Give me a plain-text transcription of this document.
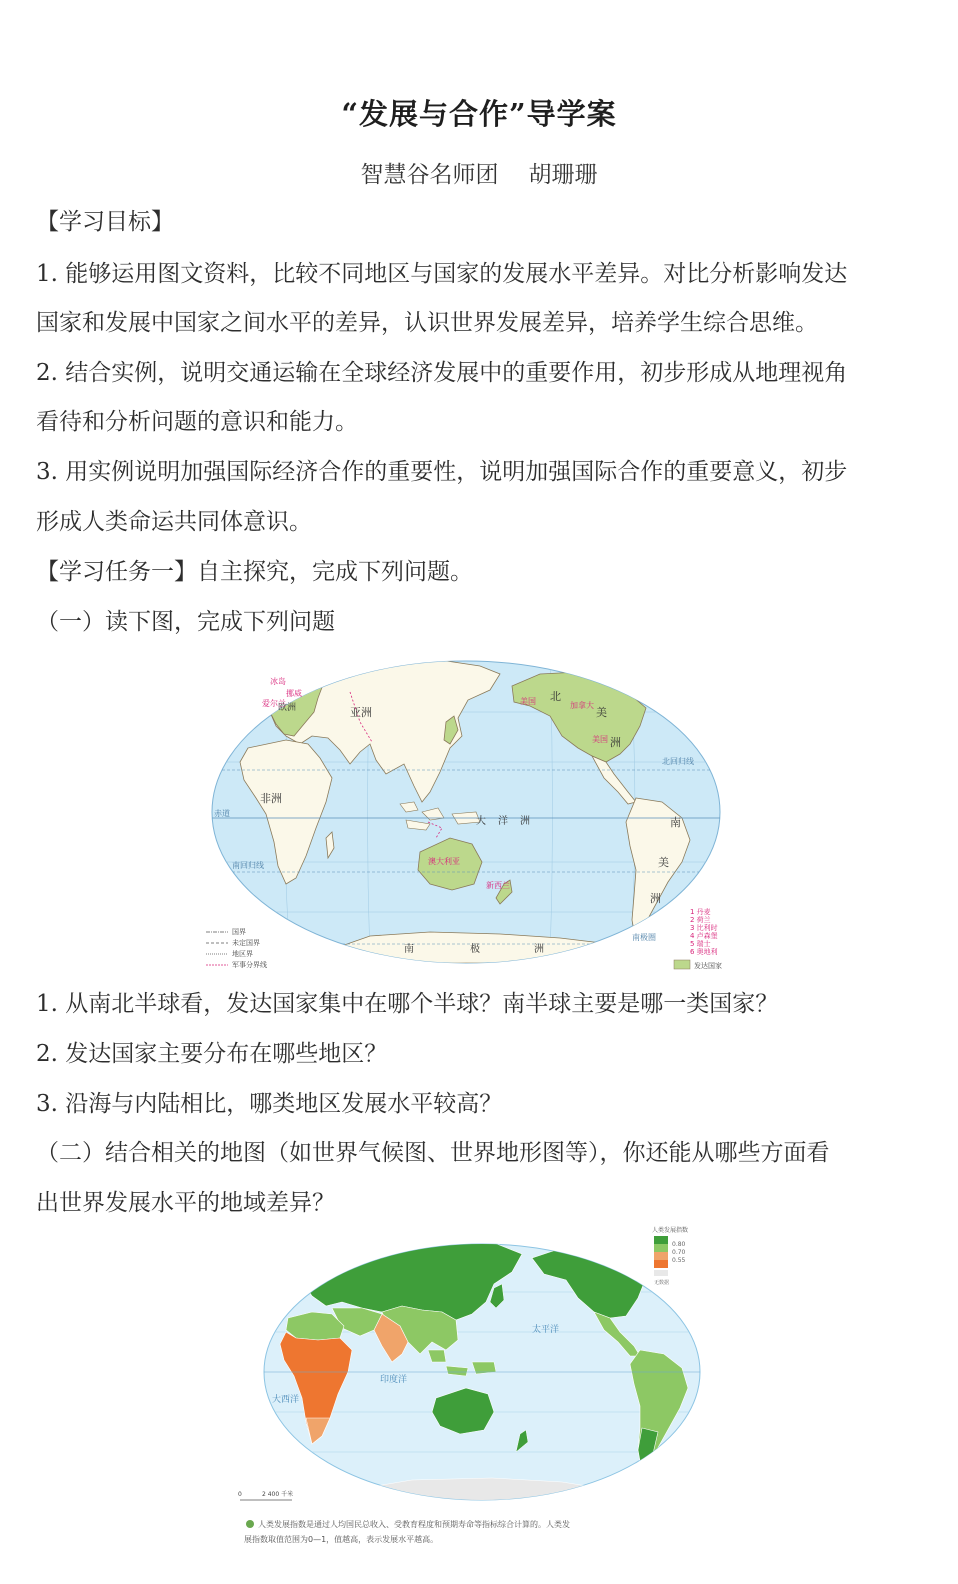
“发展与合作”导学案
智慧谷名师团 胡珊珊
【学习目标】
1. 能够运用图文资料，比较不同地区与国家的发展水平差异。对比分析影响发达
国家和发展中国家之间水平的差异，认识世界发展差异，培养学生综合思维。
2. 结合实例，说明交通运输在全球经济发展中的重要作用，初步形成从地理视角
看待和分析问题的意识和能力。
3. 用实例说明加强国际经济合作的重要性，说明加强国际合作的重要意义，初步
形成人类命运共同体意识。
【学习任务一】自主探究，完成下列问题。
（一）读下图，完成下列问题
欧洲	亚洲
非洲
北
美
洲
南
美
洲
大 洋 洲
南	极	洲
美国	加拿大
美国
澳大利亚
新西兰
冰岛
挪威
爱尔兰
北回归线
赤道
南回归线
南极圈
国界
未定国界
地区界
军事分界线
1 丹麦
2 荷兰
3 比利时
4 卢森堡
5 瑞士
6 奥地利
发达国家
1. 从南北半球看，发达国家集中在哪个半球？南半球主要是哪一类国家？
2. 发达国家主要分布在哪些地区？
3. 沿海与内陆相比，哪类地区发展水平较高？
（二）结合相关的地图（如世界气候图、世界地形图等），你还能从哪些方面看
出世界发展水平的地域差异？
印度洋
太平洋
大西洋
人类发展指数
0.80
0.70
0.55
无数据
0	2 400 千米
人类发展指数是通过人均国民总收入、受教育程度和预期寿命等指标综合计算的。人类发
展指数取值范围为0—1，值越高，表示发展水平越高。
